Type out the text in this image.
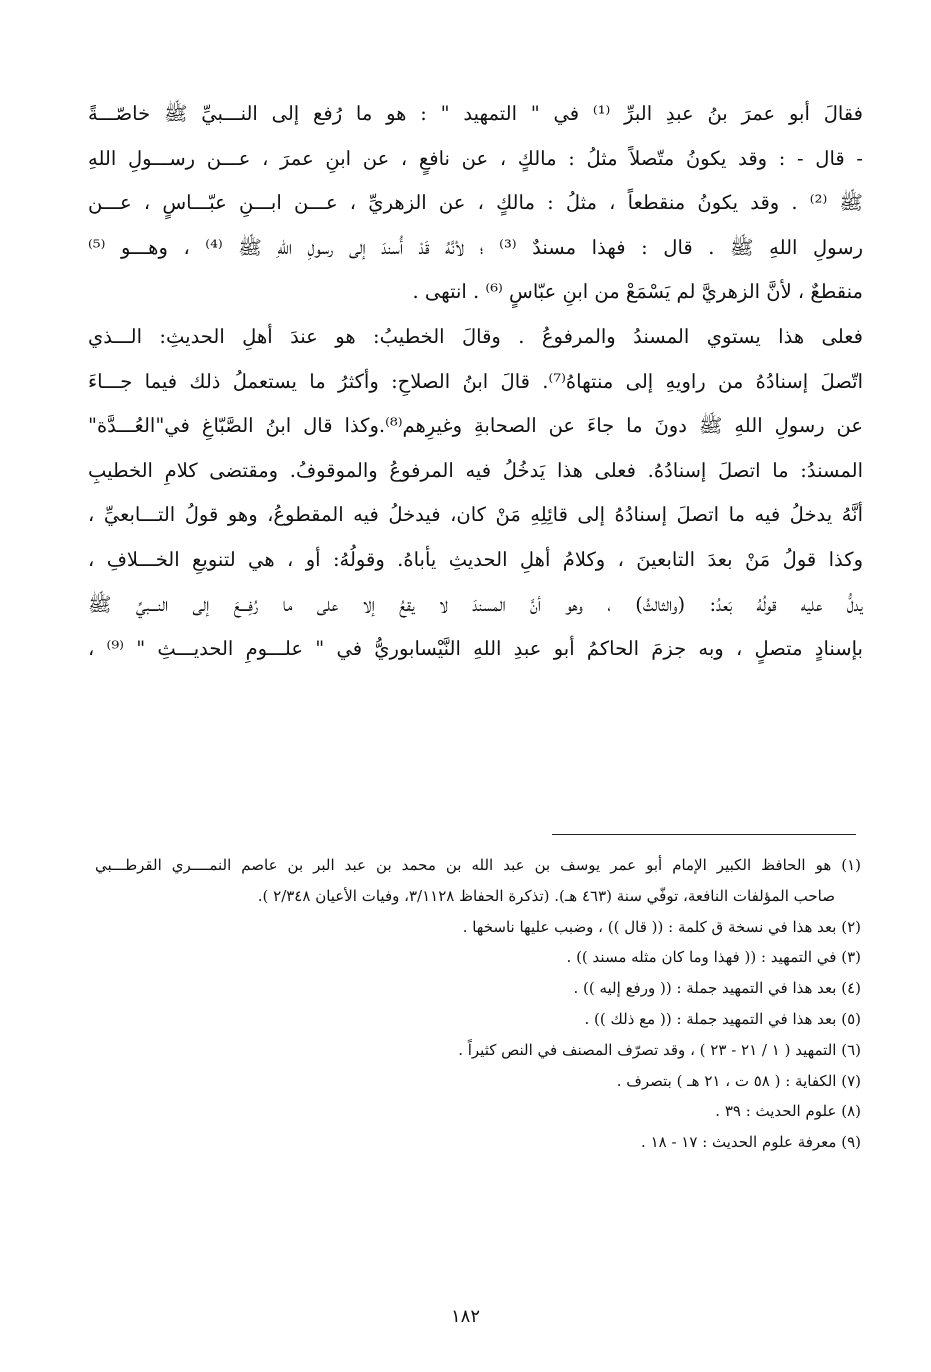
فقالَ أبو عمرَ بنُ عبدِ البرِّ ⁽¹⁾ في " التمهيد " : هو ما رُفع إلى النـــبيِّ ﷺ خاصّـــةً
- قال - : وقد يكونُ متّصلاً مثلُ : مالكٍ ، عن نافعٍ ، عن ابنِ عمرَ ، عـــن رســـولِ اللهِ
ﷺ ⁽²⁾ . وقد يكونُ منقطعاً ، مثلُ : مالكٍ ، عن الزهريِّ ، عـــن ابـــنِ عبّـــاسٍ ، عـــن
رسولِ اللهِ ﷺ . قال : فهذا مسندٌ ⁽³⁾ ؛ لأنَّهُ قَدْ أُسندَ إلى رسولِ اللهِ ﷺ ⁽⁴⁾ ، وهـــو ⁽⁵⁾
منقطعٌ ، لأنَّ الزهريَّ لم يَسْمَعْ من ابنِ عبّاسٍ ⁽⁶⁾ . انتهى .
فعلى هذا يستوي المسندُ والمرفوعُ . وقالَ الخطيبُ: هو عندَ أهلِ الحديثِ: الـــذي
اتّصلَ إسنادُهُ من راويهِ إلى منتهاهُ⁽⁷⁾. قالَ ابنُ الصلاحِ: وأكثرُ ما يستعملُ ذلك فيما جـــاءَ
عن رسولِ اللهِ ﷺ دونَ ما جاءَ عن الصحابةِ وغيرِهم⁽⁸⁾.وكذا قال ابنُ الصَّبّاغِ في"العُـــدَّة"
المسندُ: ما اتصلَ إسنادُهُ. فعلى هذا يَدخُلُ فيه المرفوعُ والموقوفُ. ومقتضى كلامِ الخطيبِ
أنَّهُ يدخلُ فيه ما اتصلَ إسنادُهُ إلى قائِلِهِ مَنْ كان، فيدخلُ فيه المقطوعُ، وهو قولُ التـــابعيِّ ،
وكذا قولُ مَنْ بعدَ التابعينَ ، وكلامُ أهلِ الحديثِ يأباهُ. وقولُهُ: أو ، هي لتنويعِ الخـــلافِ ،
يدلُّ عليه قولُهُ بَعدُ: (والثالثُ) ، وهو أنَّ المسندَ لا يقعُ إلا على ما رُفِـــعَ إلى النـــبيِّ ﷺ
بإسنادٍ متصلٍ ، وبه جزمَ الحاكمُ أبو عبدِ اللهِ النَّيْسابوريُّ في " علـــومِ الحديـــثِ " ⁽⁹⁾ ،
(١) هو الحافظ الكبير الإمام أبو عمر يوسف بن عبد الله بن محمد بن عبد البر بن عاصم النمــــري القرطـــبي
صاحب المؤلفات النافعة، توفّي سنة (٤٦٣ هـ). (تذكرة الحفاظ ٣/١١٢٨، وفيات الأعيان ٢/٣٤٨ ).
(٢) بعد هذا في نسخة ق كلمة : (( قال )) ، وضبب عليها ناسخها .
(٣) في التمهيد : (( فهذا وما كان مثله مسند )) .
(٤) بعد هذا في التمهيد جملة : (( ورفع إليه )) .
(٥) بعد هذا في التمهيد جملة : (( مع ذلك )) .
(٦) التمهيد ( ١ / ٢١ - ٢٣ ) ، وقد تصرّف المصنف في النص كثيراً .
(٧) الكفاية : ( ٥٨ ت ، ٢١ هـ ) بتصرف .
(٨) علوم الحديث : ٣٩ .
(٩) معرفة علوم الحديث : ١٧ - ١٨ .
١٨٢
